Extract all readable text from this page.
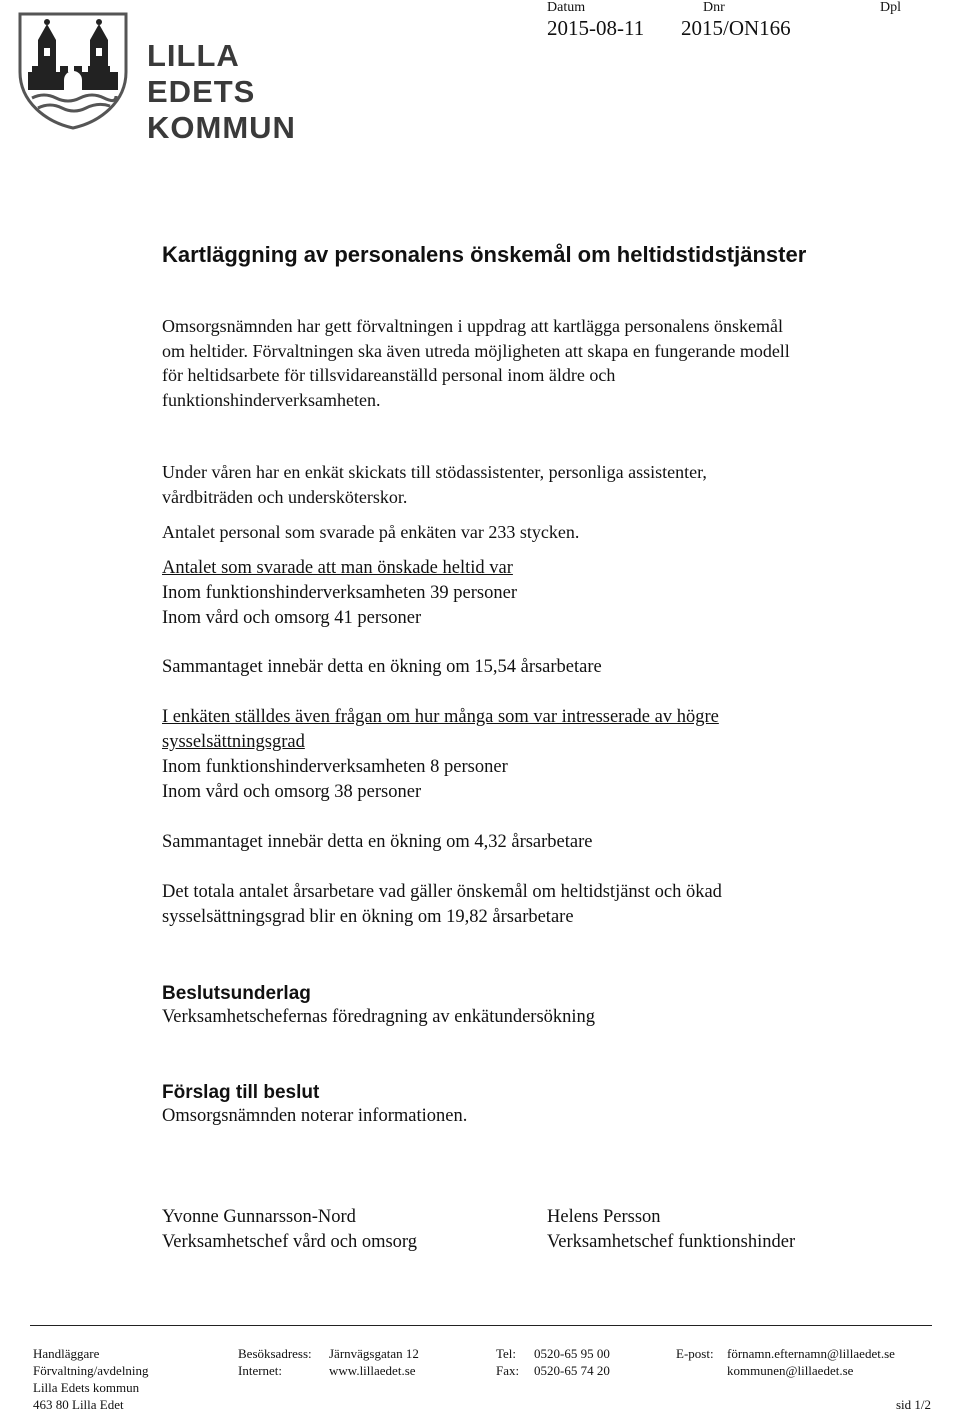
LILLA EDETS
KOMMUN
Datum
2015-08-11
Dnr
2015/ON166
Dpl
Kartläggning av personalens önskemål om heltidstidstjänster
Omsorgsnämnden har gett förvaltningen i uppdrag att kartlägga personalens önskemål
om heltider. Förvaltningen ska även utreda möjligheten att skapa en fungerande modell
för heltidsarbete för tillsvidareanställd personal inom äldre och
funktionshinderverksamheten.
Under våren har en enkät skickats till stödassistenter, personliga assistenter,
vårdbiträden och undersköterskor.
Antalet personal som svarade på enkäten var 233 stycken.
Antalet som svarade att man önskade heltid var
Inom funktionshinderverksamheten 39 personer
Inom vård och omsorg 41 personer
Sammantaget innebär detta en ökning om 15,54 årsarbetare
I enkäten ställdes även frågan om hur många som var intresserade av högre
sysselsättningsgrad
Inom funktionshinderverksamheten 8 personer
Inom vård och omsorg 38 personer
Sammantaget innebär detta en ökning om 4,32 årsarbetare
Det totala antalet årsarbetare vad gäller önskemål om heltidstjänst och ökad
sysselsättningsgrad blir en ökning om 19,82 årsarbetare
Beslutsunderlag
Verksamhetschefernas föredragning av enkätundersökning
Förslag till beslut
Omsorgsnämnden noterar informationen.
Yvonne Gunnarsson-Nord
Verksamhetschef vård och omsorg
Helens Persson
Verksamhetschef funktionshinder
Handläggare
Förvaltning/avdelning
Lilla Edets kommun
463 80 Lilla Edet
Besöksadress: Järnvägsgatan 12
Internet:	www.lillaedet.se
Tel: 0520-65 95 00
Fax: 0520-65 74 20
E-post: förnamn.efternamn@lillaedet.se
kommunen@lillaedet.se
sid 1/2
